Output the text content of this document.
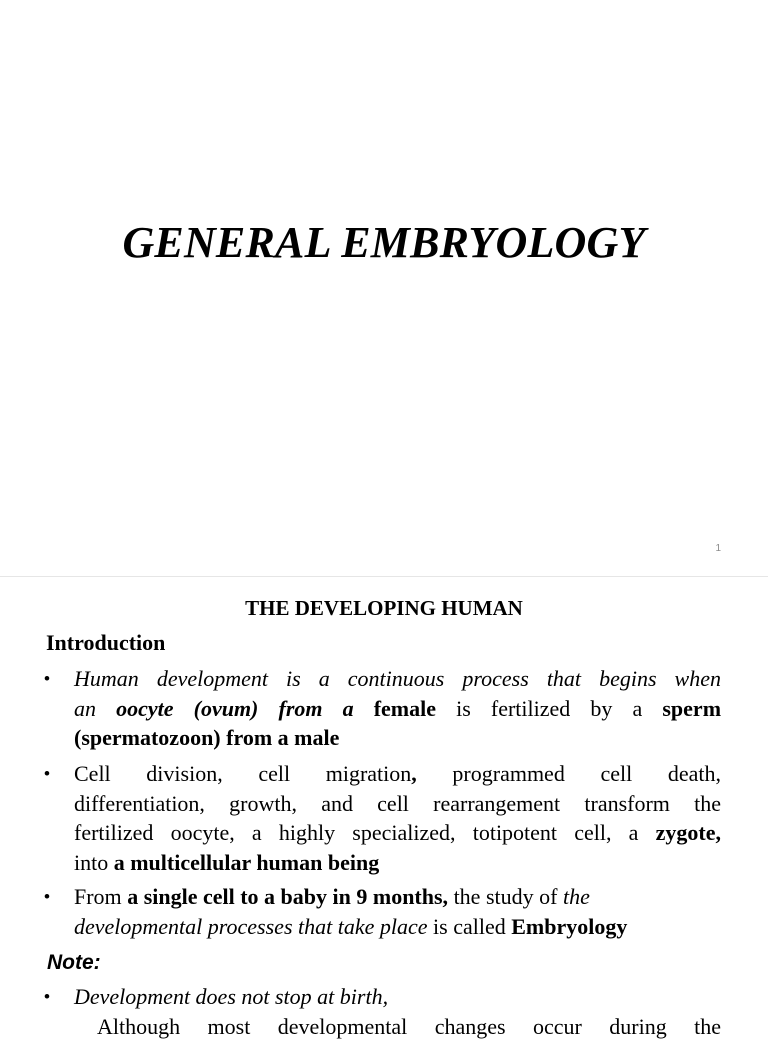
GENERAL EMBRYOLOGY
1
THE DEVELOPING HUMAN
Introduction
• Human development is a continuous process that begins when
an oocyte (ovum) from a female is fertilized by a sperm
(spermatozoon) from a male
• Cell division, cell migration, programmed cell death,
differentiation, growth, and cell rearrangement transform the
fertilized oocyte, a highly specialized, totipotent cell, a zygote,
into a multicellular human being
• From a single cell to a baby in 9 months, the study of the
developmental processes that take place is called Embryology
Note:
• Development does not stop at birth,
Although most developmental changes occur during the
